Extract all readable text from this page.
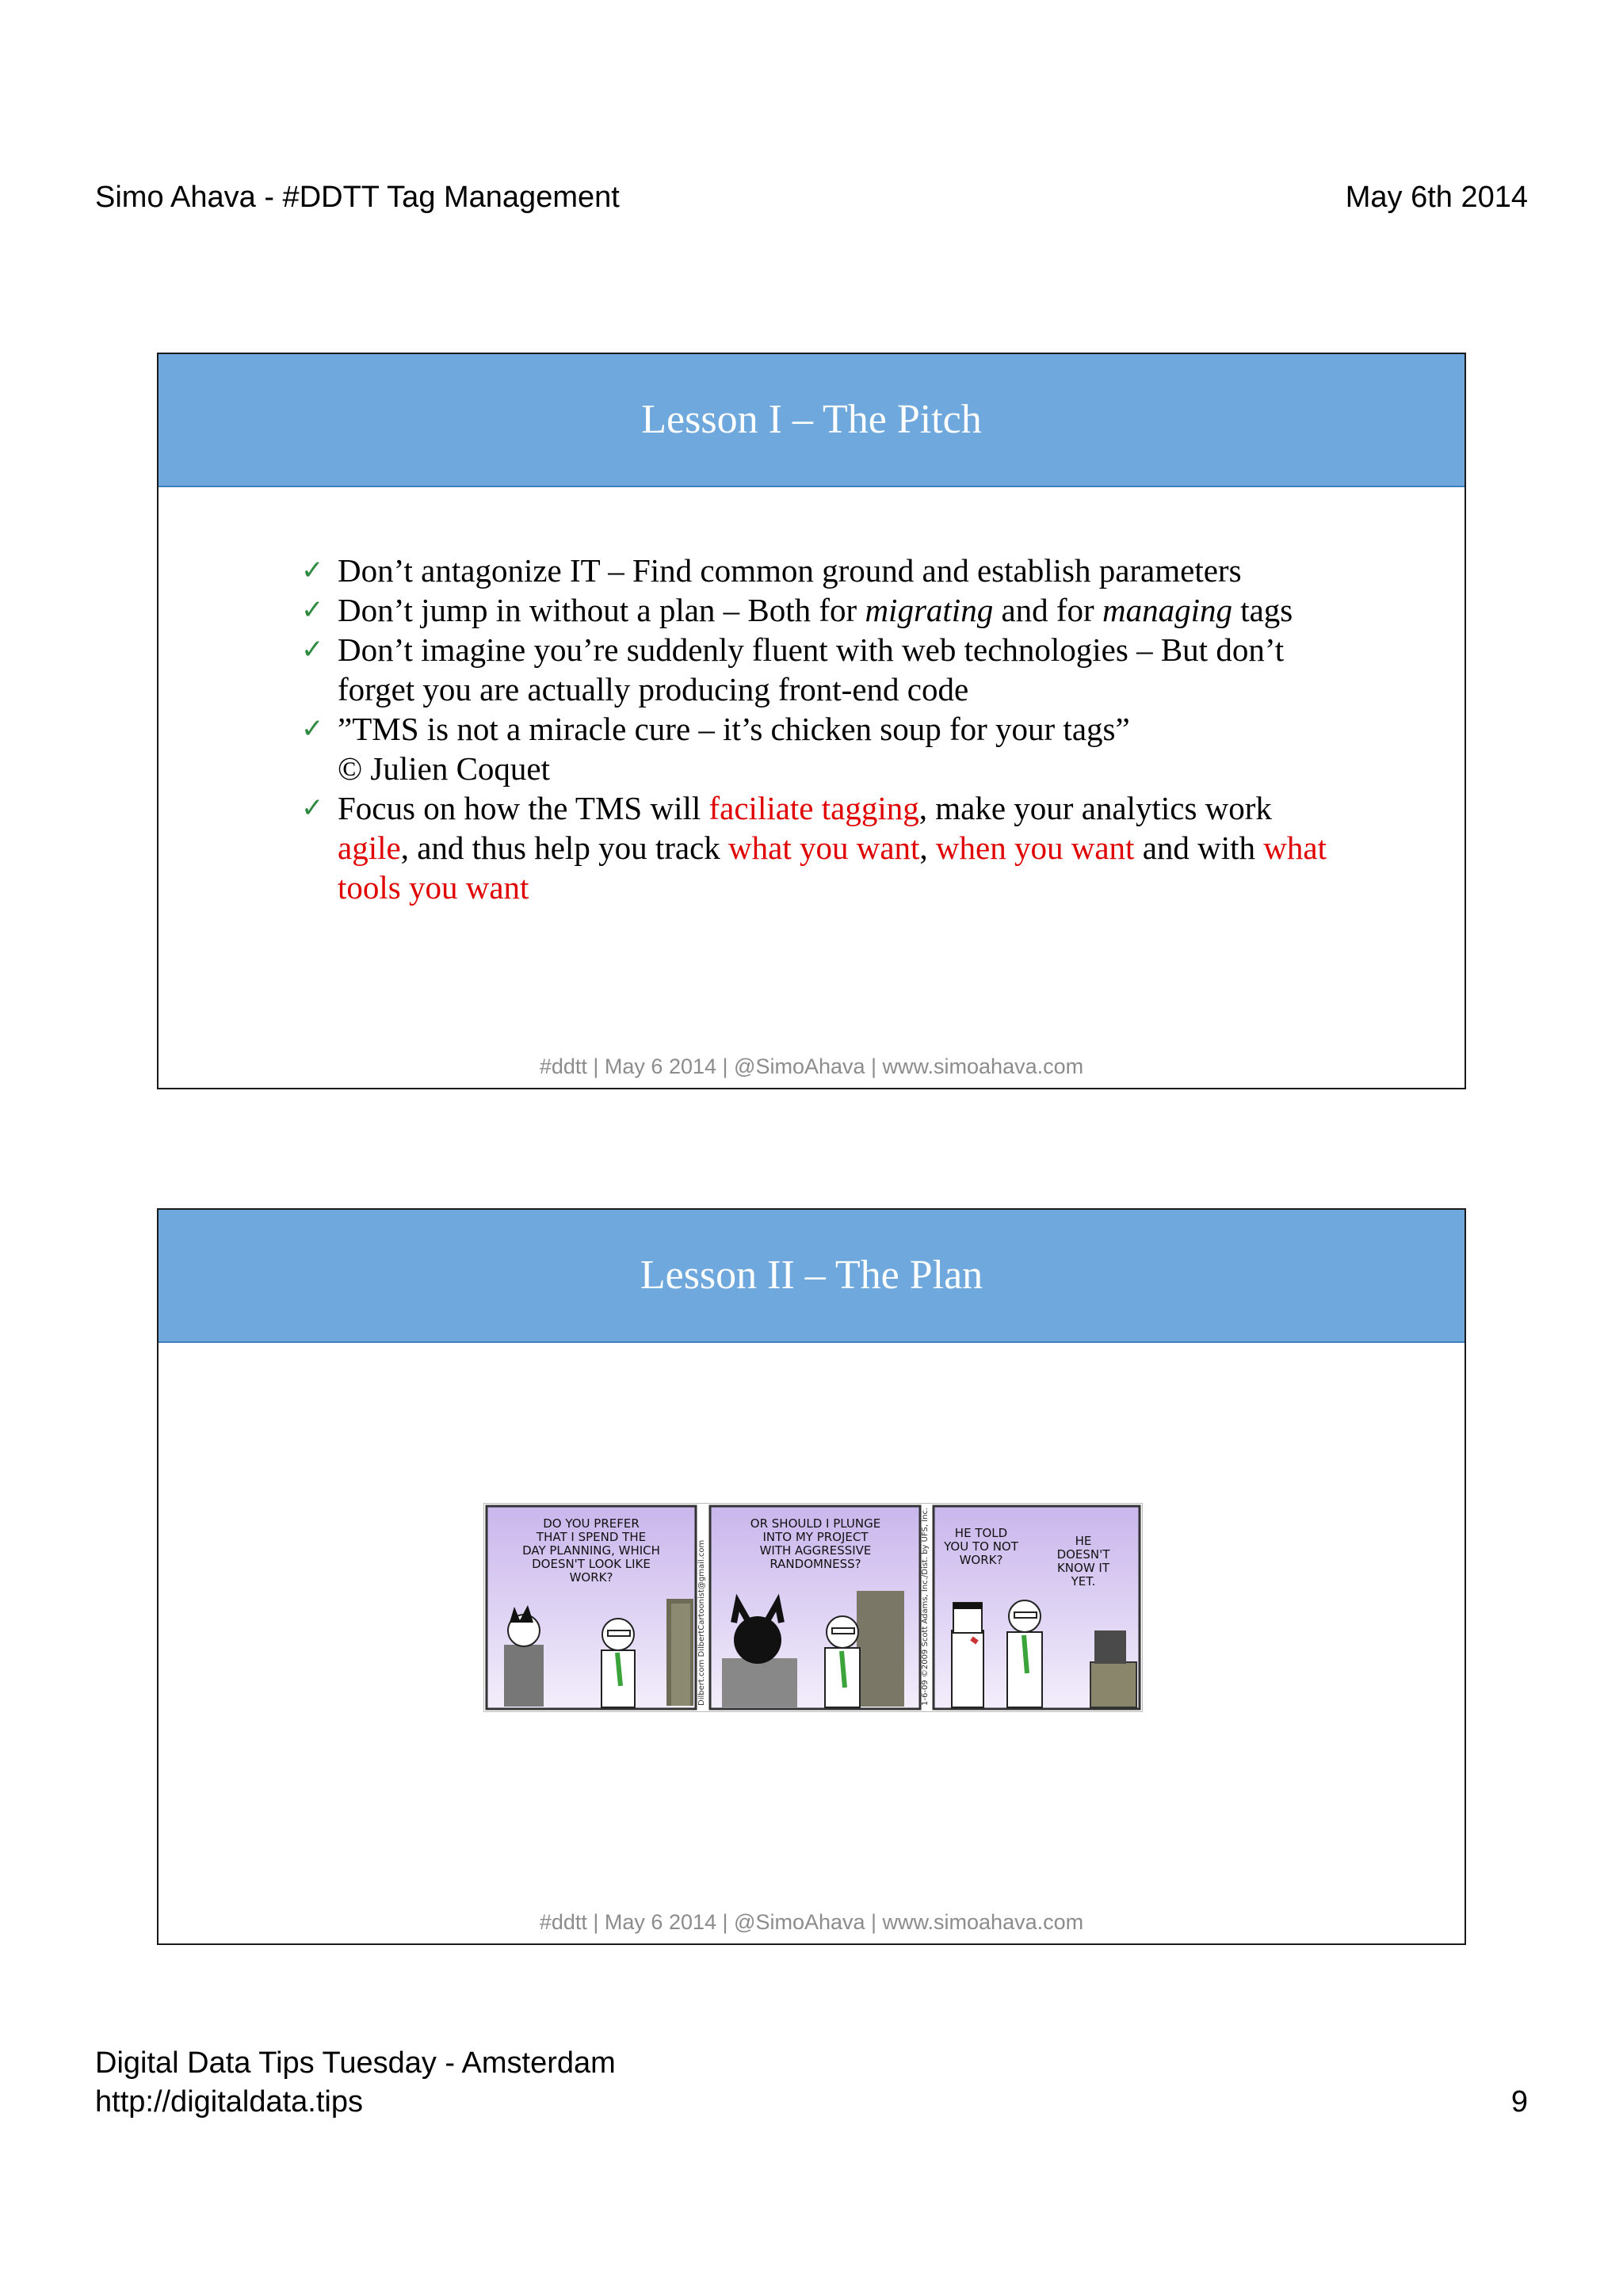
Simo Ahava - #DDTT Tag Management	May 6th 2014
Lesson I – The Pitch
✓ Don’t antagonize IT – Find common ground and establish parameters
✓ Don’t jump in without a plan – Both for migrating and for managing tags
✓ Don’t imagine you’re suddenly fluent with web technologies – But don’t forget you are actually producing front-end code
✓ ”TMS is not a miracle cure – it’s chicken soup for your tags”
© Julien Coquet
✓ Focus on how the TMS will faciliate tagging, make your analytics work agile, and thus help you track what you want, when you want and with what tools you want
#ddtt | May 6 2014 | @SimoAhava | www.simoahava.com
Lesson II – The Plan
DO YOU PREFER THAT I SPEND THE DAY PLANNING, WHICH DOESN'T LOOK LIKE WORK?
OR SHOULD I PLUNGE INTO MY PROJECT WITH AGGRESSIVE RANDOMNESS?
HE TOLD YOU TO NOT WORK?
HE DOESN'T KNOW IT YET.
Dilbert.com DilbertCartoonist@gmail.com	1-6-09 ©2009 Scott Adams, Inc./Dist. by UFS, Inc.
#ddtt | May 6 2014 | @SimoAhava | www.simoahava.com
Digital Data Tips Tuesday - Amsterdam
http://digitaldata.tips	9
